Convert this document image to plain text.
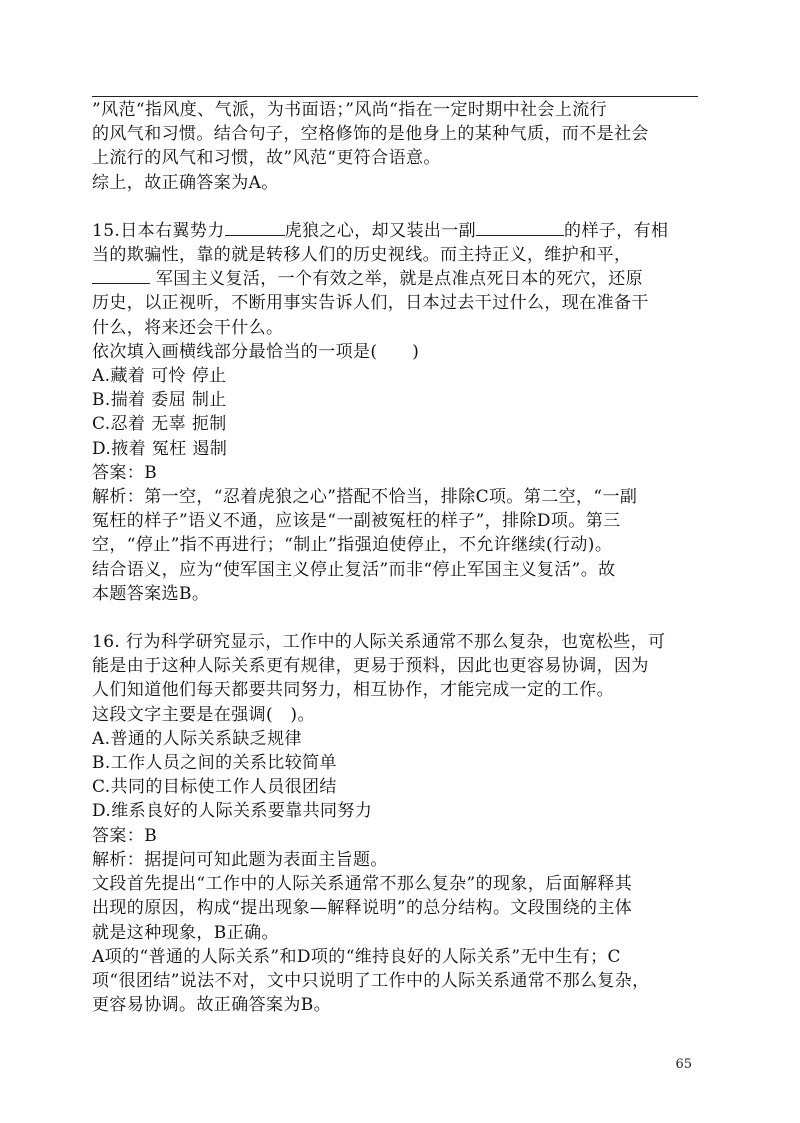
”风范“指风度、气派，为书面语；”风尚“指在一定时期中社会上流行

的风气和习惯。结合句子，空格修饰的是他身上的某种气质，而不是社会

上流行的风气和习惯，故”风范“更符合语意。

综上，故正确答案为A。

15.日本右翼势力	虎狼之心，却又装出一副	的样子，有相

当的欺骗性，靠的就是转移人们的历史视线。而主持正义，维护和平，

军国主义复活，一个有效之举，就是点准点死日本的死穴，还原

历史，以正视听，不断用事实告诉人们，日本过去干过什么，现在准备干

什么，将来还会干什么。

依次填入画横线部分最恰当的一项是(　　)

A.藏着 可怜 停止

B.揣着 委屈 制止

C.忍着 无辜 扼制

D.掖着 冤枉 遏制

答案：B

解析：第一空，“忍着虎狼之心”搭配不恰当，排除C项。第二空，“一副

冤枉的样子”语义不通，应该是“一副被冤枉的样子”，排除D项。第三

空，“停止”指不再进行；“制止”指强迫使停止，不允许继续(行动)。

结合语义，应为“使军国主义停止复活”而非“停止军国主义复活”。故

本题答案选B。

16. 行为科学研究显示，工作中的人际关系通常不那么复杂，也宽松些，可

能是由于这种人际关系更有规律，更易于预料，因此也更容易协调，因为

人们知道他们每天都要共同努力，相互协作，才能完成一定的工作。

这段文字主要是在强调(　)。

A.普通的人际关系缺乏规律

B.工作人员之间的关系比较简单

C.共同的目标使工作人员很团结

D.维系良好的人际关系要靠共同努力

答案：B

解析：据提问可知此题为表面主旨题。

文段首先提出“工作中的人际关系通常不那么复杂”的现象，后面解释其

出现的原因，构成“提出现象—解释说明”的总分结构。文段围绕的主体

就是这种现象，B正确。

A项的“普通的人际关系”和D项的“维持良好的人际关系”无中生有；C

项“很团结”说法不对，文中只说明了工作中的人际关系通常不那么复杂，

更容易协调。故正确答案为B。

65
